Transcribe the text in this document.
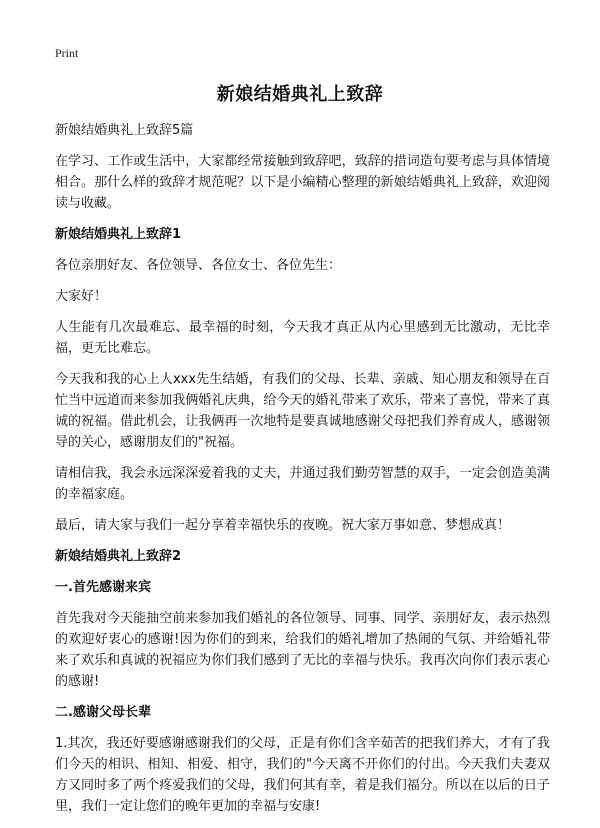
Print
新娘结婚典礼上致辞

新娘结婚典礼上致辞5篇

在学习、工作或生活中，大家都经常接触到致辞吧，致辞的措词造句要考虑与具体情境相合。那什么样的致辞才规范呢？以下是小编精心整理的新娘结婚典礼上致辞，欢迎阅读与收藏。

新娘结婚典礼上致辞1

各位亲朋好友、各位领导、各位女士、各位先生：

大家好！

人生能有几次最难忘、最幸福的时刻，今天我才真正从内心里感到无比激动，无比幸福，更无比难忘。

今天我和我的心上人xxx先生结婚，有我们的父母、长辈、亲戚、知心朋友和领导在百忙当中远道而来参加我俩婚礼庆典，给今天的婚礼带来了欢乐，带来了喜悦，带来了真诚的祝福。借此机会，让我俩再一次地特是要真诚地感谢父母把我们养育成人，感谢领导的关心，感谢朋友们的"祝福。

请相信我，我会永远深深爱着我的丈夫，并通过我们勤劳智慧的双手，一定会创造美满的幸福家庭。

最后，请大家与我们一起分享着幸福快乐的夜晚。祝大家万事如意、梦想成真！

新娘结婚典礼上致辞2

一.首先感谢来宾

首先我对今天能抽空前来参加我们婚礼的各位领导、同事、同学、亲朋好友，表示热烈的欢迎好衷心的感谢!因为你们的到来，给我们的婚礼增加了热闹的气氛、并给婚礼带来了欢乐和真诚的祝福应为你们我们感到了无比的幸福与快乐。我再次向你们表示衷心的感谢!

二.感谢父母长辈

1.其次，我还好要感谢感谢我们的父母，正是有你们含辛茹苦的把我们养大，才有了我们今天的相识、相知、相爱、相守，我们的"今天离不开你们的付出。今天我们夫妻双方又同时多了两个疼爱我们的父母，我们何其有幸，着是我们福分。所以在以后的日子里，我们一定让您们的晚年更加的幸福与安康!
